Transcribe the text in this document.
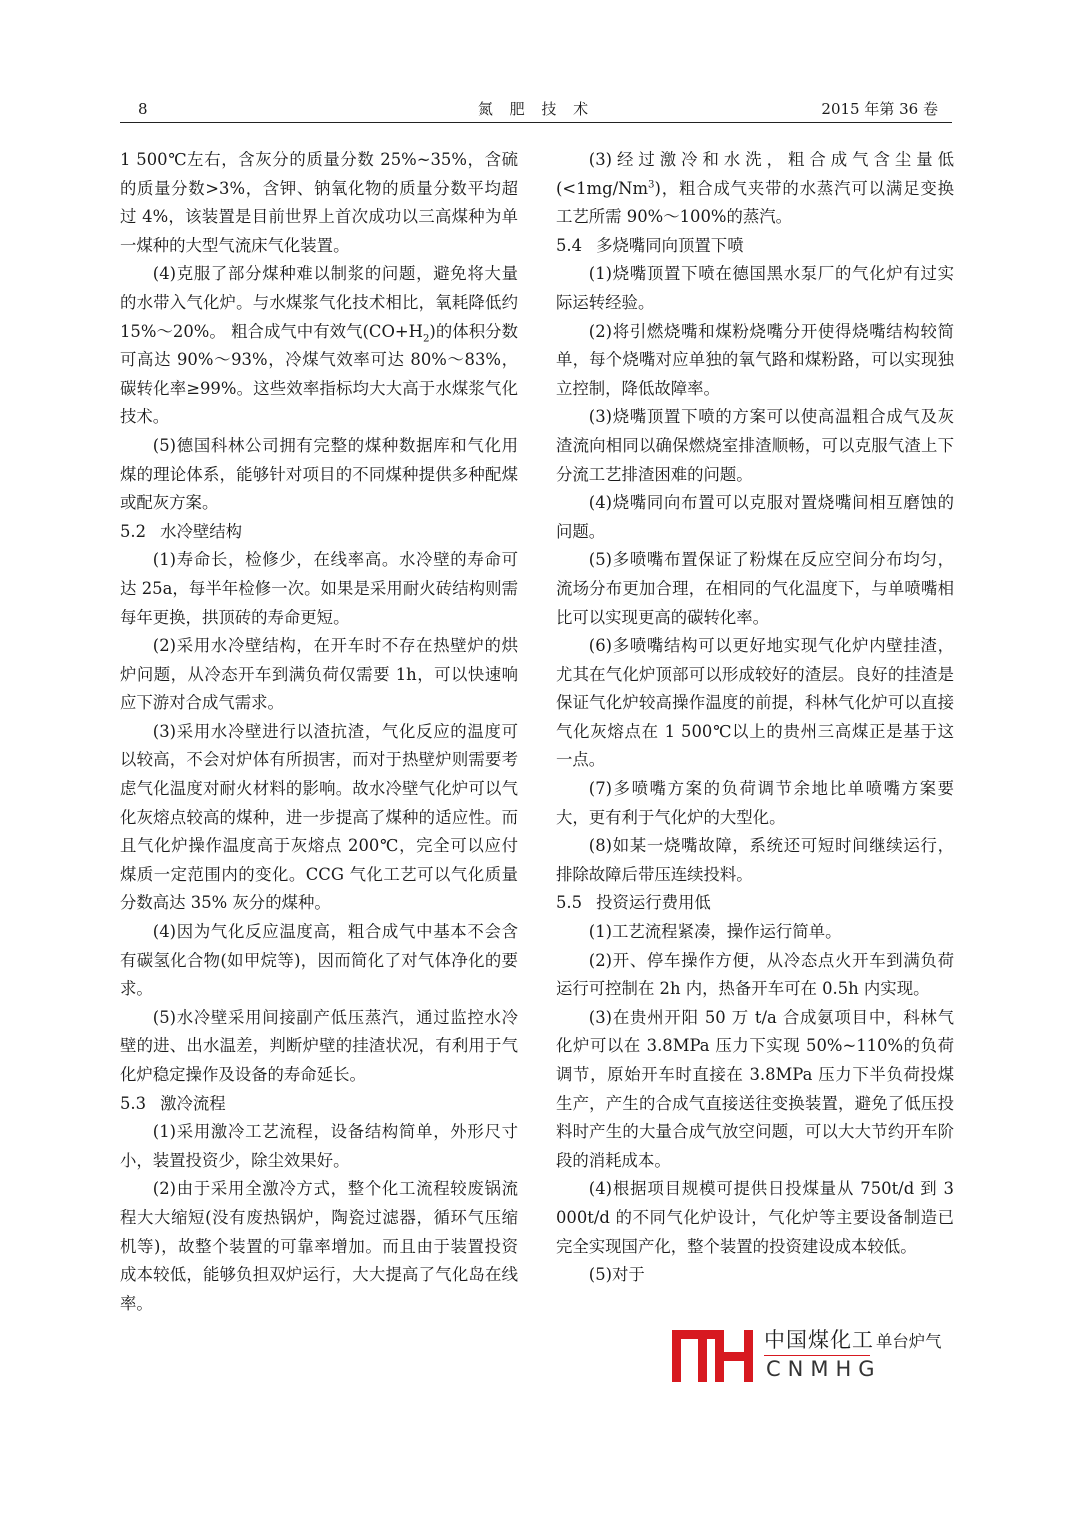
8	氮 肥 技 术	2015 年第 36 卷

1 500℃左右，含灰分的质量分数 25%~35%，含硫的质量分数>3%，含钾、钠氧化物的质量分数平均超过 4%，该装置是目前世界上首次成功以三高煤种为单一煤种的大型气流床气化装置。

(4)克服了部分煤种难以制浆的问题，避免将大量的水带入气化炉。与水煤浆气化技术相比，氧耗降低约 15%～20%。 粗合成气中有效气$(CO+H_2)$的体积分数可高达 90%～93%，冷煤气效率可达 80%～83%，碳转化率≥99%。这些效率指标均大大高于水煤浆气化技术。

(5)德国科林公司拥有完整的煤种数据库和气化用煤的理论体系，能够针对项目的不同煤种提供多种配煤或配灰方案。

5.2 水冷壁结构

(1)寿命长，检修少，在线率高。水冷壁的寿命可达 25a，每半年检修一次。如果是采用耐火砖结构则需每年更换，拱顶砖的寿命更短。

(2)采用水冷壁结构，在开车时不存在热壁炉的烘炉问题，从冷态开车到满负荷仅需要 1h，可以快速响应下游对合成气需求。

(3)采用水冷壁进行以渣抗渣，气化反应的温度可以较高，不会对炉体有所损害，而对于热壁炉则需要考虑气化温度对耐火材料的影响。故水冷壁气化炉可以气化灰熔点较高的煤种，进一步提高了煤种的适应性。而且气化炉操作温度高于灰熔点 200℃，完全可以应付煤质一定范围内的变化。CCG 气化工艺可以气化质量分数高达 35% 灰分的煤种。

(4)因为气化反应温度高，粗合成气中基本不会含有碳氢化合物(如甲烷等)，因而简化了对气体净化的要求。

(5)水冷壁采用间接副产低压蒸汽，通过监控水冷壁的进、出水温差，判断炉壁的挂渣状况，有利用于气化炉稳定操作及设备的寿命延长。

5.3 激冷流程

(1)采用激冷工艺流程，设备结构简单，外形尺寸小，装置投资少，除尘效果好。

(2)由于采用全激冷方式，整个化工流程较废锅流程大大缩短(没有废热锅炉，陶瓷过滤器，循环气压缩机等)，故整个装置的可靠率增加。而且由于装置投资成本较低，能够负担双炉运行，大大提高了气化岛在线率。

(3)经过激冷和水洗，粗合成气含尘量低$(<1mg/Nm^3)$，粗合成气夹带的水蒸汽可以满足变换工艺所需 90%～100%的蒸汽。

5.4 多烧嘴同向顶置下喷

(1)烧嘴顶置下喷在德国黑水泵厂的气化炉有过实际运转经验。

(2)将引燃烧嘴和煤粉烧嘴分开使得烧嘴结构较简单，每个烧嘴对应单独的氧气路和煤粉路，可以实现独立控制，降低故障率。

(3)烧嘴顶置下喷的方案可以使高温粗合成气及灰渣流向相同以确保燃烧室排渣顺畅，可以克服气渣上下分流工艺排渣困难的问题。

(4)烧嘴同向布置可以克服对置烧嘴间相互磨蚀的问题。

(5)多喷嘴布置保证了粉煤在反应空间分布均匀，流场分布更加合理，在相同的气化温度下，与单喷嘴相比可以实现更高的碳转化率。

(6)多喷嘴结构可以更好地实现气化炉内壁挂渣，尤其在气化炉顶部可以形成较好的渣层。良好的挂渣是保证气化炉较高操作温度的前提，科林气化炉可以直接气化灰熔点在 1 500℃以上的贵州三高煤正是基于这一点。

(7)多喷嘴方案的负荷调节余地比单喷嘴方案要大，更有利于气化炉的大型化。

(8)如某一烧嘴故障，系统还可短时间继续运行，排除故障后带压连续投料。

5.5 投资运行费用低

(1)工艺流程紧凑，操作运行简单。

(2)开、停车操作方便，从冷态点火开车到满负荷运行可控制在 2h 内，热备开车可在 0.5h 内实现。

(3)在贵州开阳 50 万 t/a 合成氨项目中，科林气化炉可以在 3.8MPa 压力下实现 50%~110%的负荷调节，原始开车时直接在 3.8MPa 压力下半负荷投煤生产，产生的合成气直接送往变换装置，避免了低压投料时产生的大量合成气放空问题，可以大大节约开车阶段的消耗成本。

(4)根据项目规模可提供日投煤量从 750t/d 到 3 000t/d 的不同气化炉设计，气化炉等主要设备制造已完全实现国产化，整个装置的投资建设成本较低。

(5)对于

单台炉气
中国煤化工
CNMHG
